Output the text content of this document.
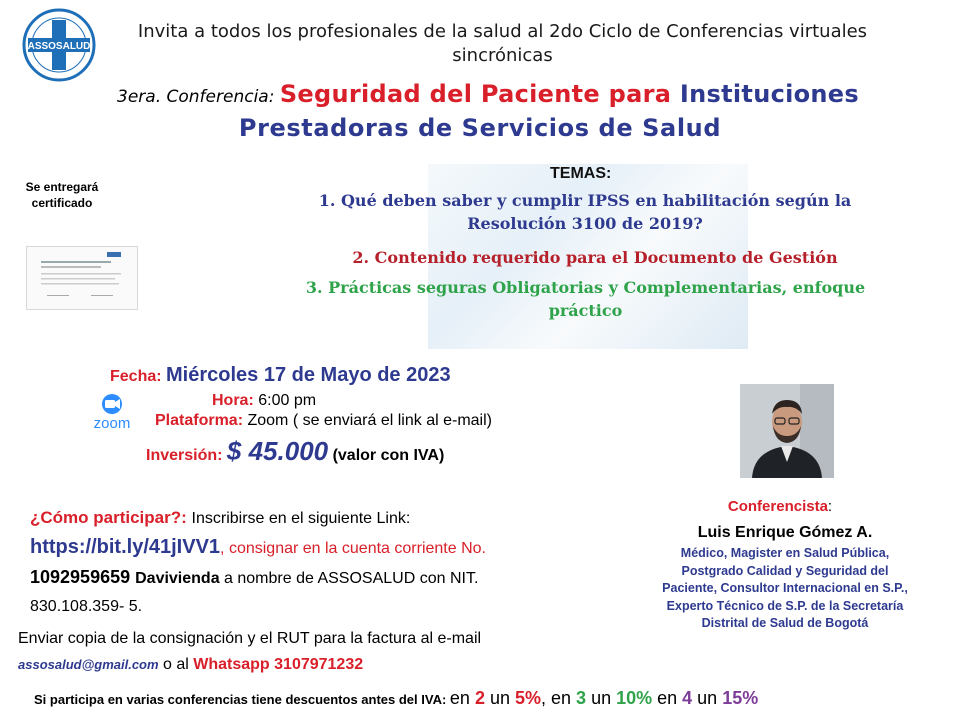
ASSOSALUD
Invita a todos los profesionales de la salud al 2do Ciclo de Conferencias virtuales sincrónicas
3era. Conferencia: Seguridad del Paciente para Instituciones
Prestadoras de Servicios de Salud
Se entregará certificado
TEMAS:
1. Qué deben saber y cumplir IPSS en habilitación según la Resolución 3100 de 2019?
2. Contenido requerido para el Documento de Gestión
3. Prácticas seguras Obligatorias y Complementarias, enfoque práctico
Fecha: Miércoles 17 de Mayo de 2023
Hora: 6:00 pm
zoom Plataforma: Zoom ( se enviará el link al e-mail)
Inversión: $ 45.000 (valor con IVA)
Conferencista:
Luis Enrique Gómez A.
Médico, Magister en Salud Pública, Postgrado Calidad y Seguridad del Paciente, Consultor Internacional en S.P., Experto Técnico de S.P. de la Secretaría Distrital de Salud de Bogotá
¿Cómo participar?: Inscribirse en el siguiente Link: https://bit.ly/41jIVV1, consignar en la cuenta corriente No. 1092959659 Davivienda a nombre de ASSOSALUD con NIT. 830.108.359- 5.
Enviar copia de la consignación y el RUT para la factura al e-mail assosalud@gmail.com o al Whatsapp 3107971232
Si participa en varias conferencias tiene descuentos antes del IVA: en 2 un 5%, en 3 un 10% en 4 un 15%
